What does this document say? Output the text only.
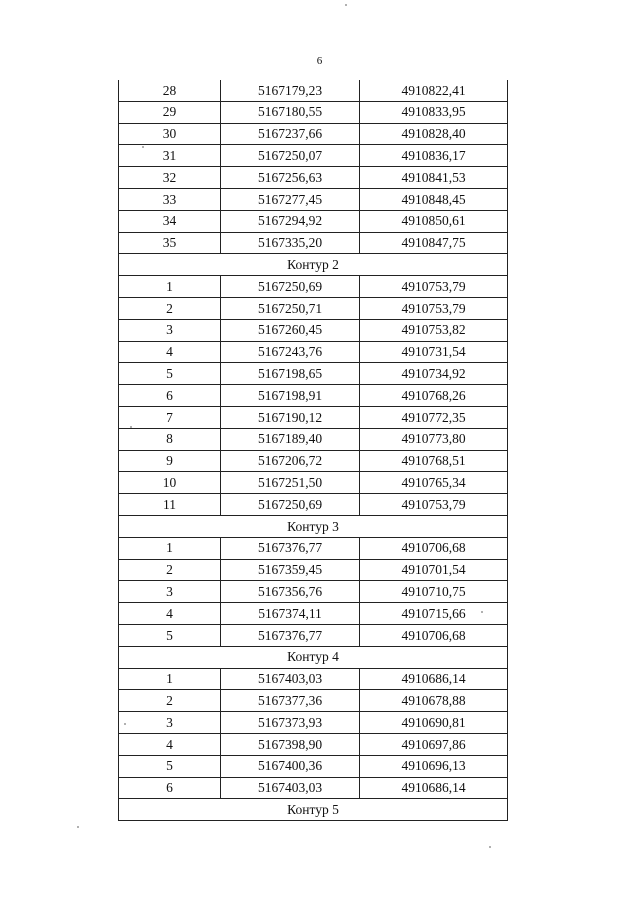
6
28	5167179,23	4910822,41
29	5167180,55	4910833,95
30	5167237,66	4910828,40
31	5167250,07	4910836,17
32	5167256,63	4910841,53
33	5167277,45	4910848,45
34	5167294,92	4910850,61
35	5167335,20	4910847,75
Контур 2		
1	5167250,69	4910753,79
2	5167250,71	4910753,79
3	5167260,45	4910753,82
4	5167243,76	4910731,54
5	5167198,65	4910734,92
6	5167198,91	4910768,26
7	5167190,12	4910772,35
8	5167189,40	4910773,80
9	5167206,72	4910768,51
10	5167251,50	4910765,34
11	5167250,69	4910753,79
Контур 3		
1	5167376,77	4910706,68
2	5167359,45	4910701,54
3	5167356,76	4910710,75
4	5167374,11	4910715,66
5	5167376,77	4910706,68
Контур 4		
1	5167403,03	4910686,14
2	5167377,36	4910678,88
3	5167373,93	4910690,81
4	5167398,90	4910697,86
5	5167400,36	4910696,13
6	5167403,03	4910686,14
Контур 5		
